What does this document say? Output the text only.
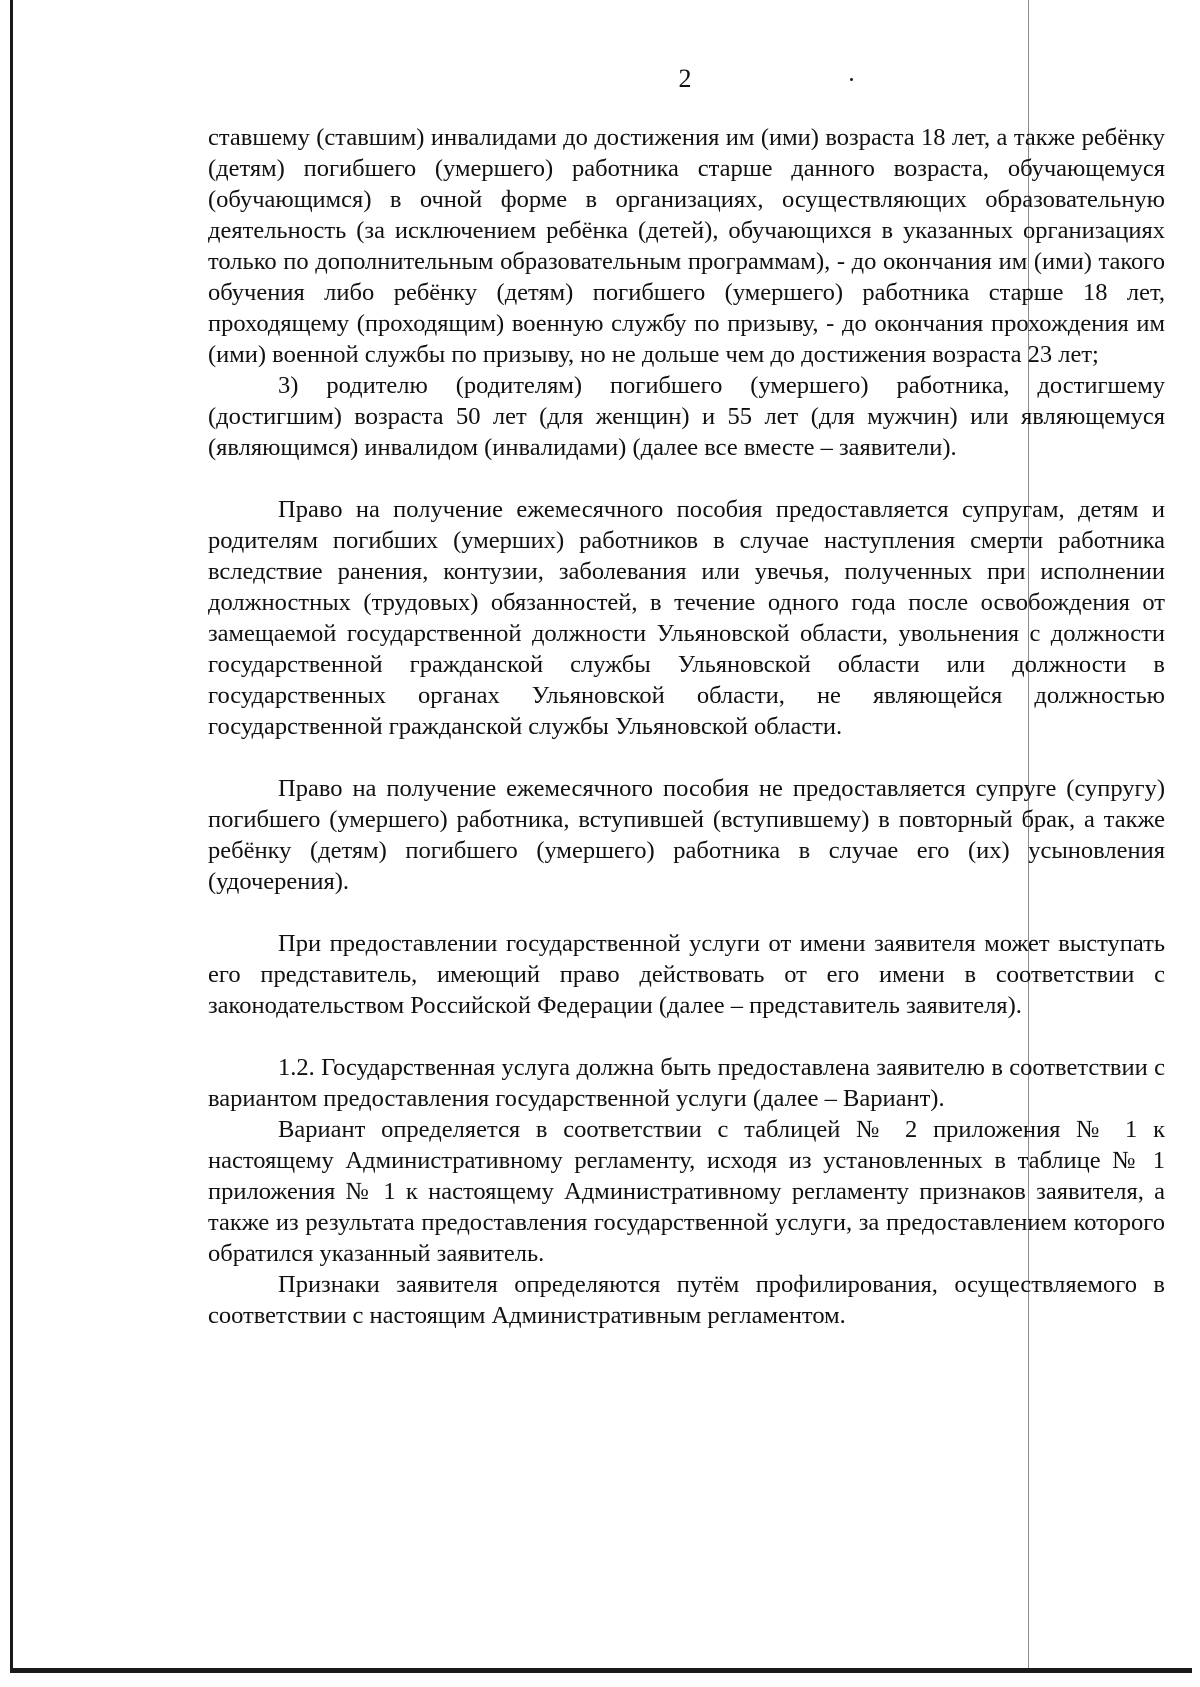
2

ставшему (ставшим) инвалидами до достижения им (ими) возраста 18 лет, а также ребёнку (детям) погибшего (умершего) работника старше данного возраста, обучающемуся (обучающимся) в очной форме в организациях, осуществляющих образовательную деятельность (за исключением ребёнка (детей), обучающихся в указанных организациях только по дополнительным образовательным программам), - до окончания им (ими) такого обучения либо ребёнку (детям) погибшего (умершего) работника старше 18 лет, проходящему (проходящим) военную службу по призыву, - до окончания прохождения им (ими) военной службы по призыву, но не дольше чем до достижения возраста 23 лет;

3) родителю (родителям) погибшего (умершего) работника, достигшему (достигшим) возраста 50 лет (для женщин) и 55 лет (для мужчин) или являющемуся (являющимся) инвалидом (инвалидами) (далее все вместе – заявители).

Право на получение ежемесячного пособия предоставляется супругам, детям и родителям погибших (умерших) работников в случае наступления смерти работника вследствие ранения, контузии, заболевания или увечья, полученных при исполнении должностных (трудовых) обязанностей, в течение одного года после освобождения от замещаемой государственной должности Ульяновской области, увольнения с должности государственной гражданской службы Ульяновской области или должности в государственных органах Ульяновской области, не являющейся должностью государственной гражданской службы Ульяновской области.

Право на получение ежемесячного пособия не предоставляется супруге (супругу) погибшего (умершего) работника, вступившей (вступившему) в повторный брак, а также ребёнку (детям) погибшего (умершего) работника в случае его (их) усыновления (удочерения).

При предоставлении государственной услуги от имени заявителя может выступать его представитель, имеющий право действовать от его имени в соответствии с законодательством Российской Федерации (далее – представитель заявителя).

1.2. Государственная услуга должна быть предоставлена заявителю в соответствии с вариантом предоставления государственной услуги (далее – Вариант).

Вариант определяется в соответствии с таблицей № 2 приложения № 1 к настоящему Административному регламенту, исходя из установленных в таблице № 1 приложения № 1 к настоящему Административному регламенту признаков заявителя, а также из результата предоставления государственной услуги, за предоставлением которого обратился указанный заявитель.

Признаки заявителя определяются путём профилирования, осуществляемого в соответствии с настоящим Административным регламентом.
